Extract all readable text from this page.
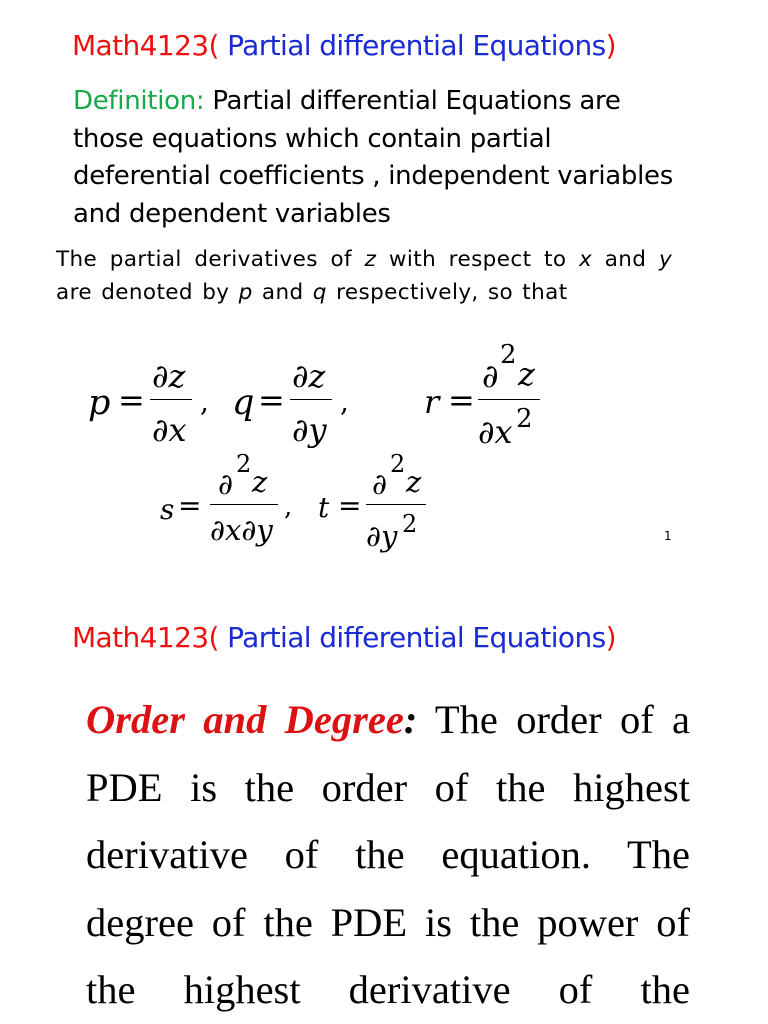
Math4123( Partial differential Equations)
Definition: Partial differential Equations are those equations which contain partial deferential coefficients , independent variables and dependent variables
The partial derivatives of z with respect to x and y are denoted by p and q respectively, so that
p =
∂z
∂x
, q =
∂z
∂y
, r =
∂
2 z
∂x 2
s =
∂
2
z
∂x∂y
, t =
∂
2
z
∂y 2	1
Math4123( Partial differential Equations)
Order and Degree: The order of a PDE is the order of the highest derivative of the equation. The degree of the PDE is the power of the highest derivative of the
